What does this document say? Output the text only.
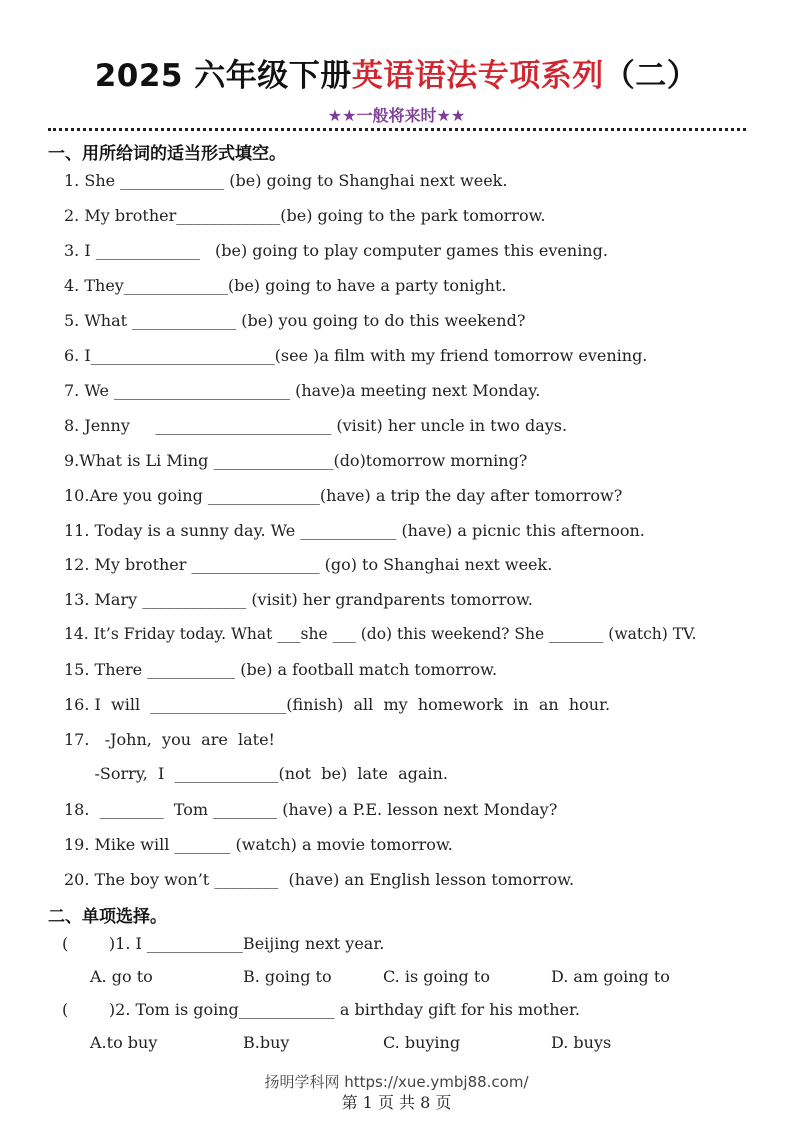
2025 六年级下册英语语法专项系列（二）
★★一般将来时★★
一、用所给词的适当形式填空。
1. She _____________ (be) going to Shanghai next week.
2. My brother_____________(be) going to the park tomorrow.
3. I _____________   (be) going to play computer games this evening.
4. They_____________(be) going to have a party tonight.
5. What _____________ (be) you going to do this weekend?
6. I_______________________(see )a film with my friend tomorrow evening.
7. We ______________________ (have)a meeting next Monday.
8. Jenny     ______________________ (visit) her uncle in two days.
9.What is Li Ming _______________(do)tomorrow morning?
10.Are you going ______________(have) a trip the day after tomorrow?
11. Today is a sunny day. We ____________ (have) a picnic this afternoon.
12. My brother ________________ (go) to Shanghai next week.
13. Mary _____________ (visit) her grandparents tomorrow.
14. It’s Friday today. What ___she ___ (do) this weekend? She _______ (watch) TV.
15. There ___________ (be) a football match tomorrow.
16. I  will  _________________(finish)  all  my  homework  in  an  hour.
17.   -John,  you  are  late!
-Sorry,  I  _____________(not  be)  late  again.
18.  ________  Tom ________ (have) a P.E. lesson next Monday?
19. Mike will _______ (watch) a movie tomorrow.
20. The boy won’t ________  (have) an English lesson tomorrow.
二、单项选择。
(        )1. I ____________Beijing next year.
A. go to	B. going to	C. is going to	D. am going to
(        )2. Tom is going____________ a birthday gift for his mother.
A.to buy	B.buy	C. buying	D. buys
扬明学科网 https://xue.ymbj88.com/
第 1 页 共 8 页
